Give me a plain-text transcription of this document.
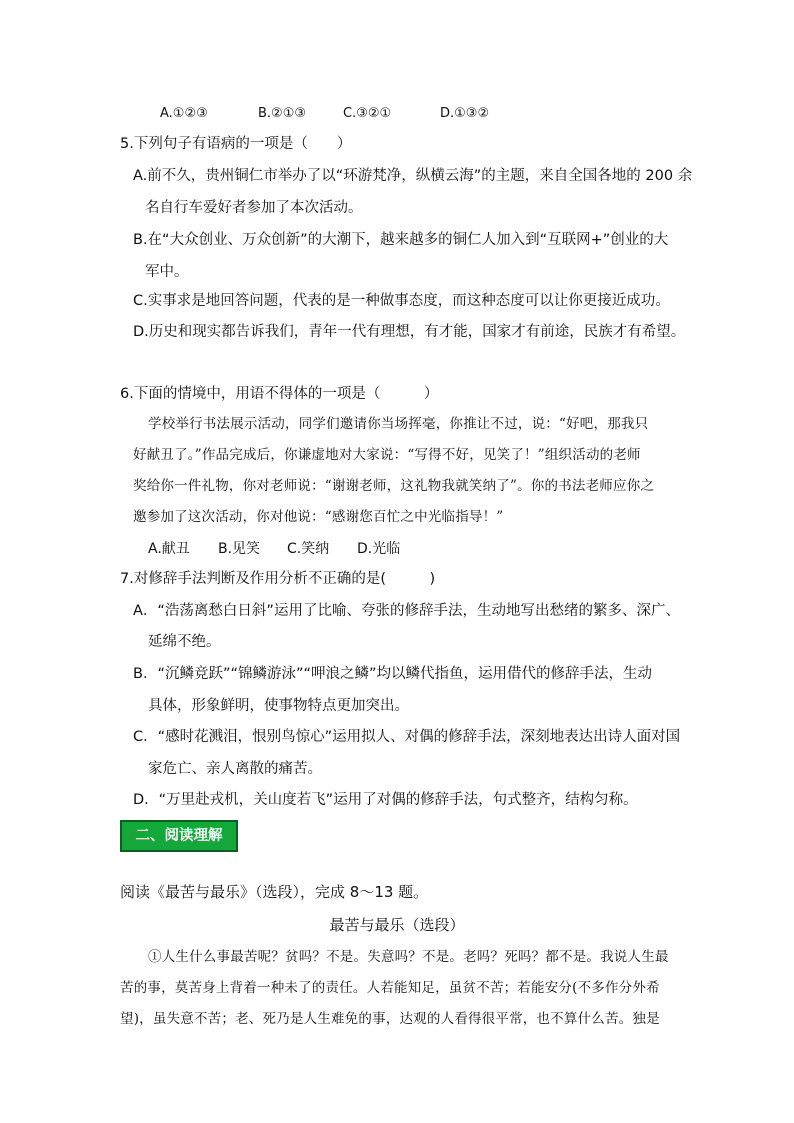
A.①②③	B.②①③	C.③②①	D.①③②
5.下列句子有语病的一项是（　　）
A.前不久，贵州铜仁市举办了以“环游梵净，纵横云海”的主题，来自全国各地的 200 余
名自行车爱好者参加了本次活动。
B.在“大众创业、万众创新”的大潮下，越来越多的铜仁人加入到“互联网+”创业的大
军中。
C.实事求是地回答问题，代表的是一种做事态度，而这种态度可以让你更接近成功。
D.历史和现实都告诉我们，青年一代有理想，有才能，国家才有前途，民族才有希望。
6.下面的情境中，用语不得体的一项是（　　　）
学校举行书法展示活动，同学们邀请你当场挥毫，你推让不过，说：“好吧，那我只
好献丑了。”作品完成后，你谦虚地对大家说：“写得不好，见笑了！”组织活动的老师
奖给你一件礼物，你对老师说：“谢谢老师，这礼物我就笑纳了”。你的书法老师应你之
邀参加了这次活动，你对他说：“感谢您百忙之中光临指导！”
A.献丑 B.见笑 C.笑纳 D.光临
7.对修辞手法判断及作用分析不正确的是(　　　)
A．“浩荡离愁白日斜”运用了比喻、夸张的修辞手法，生动地写出愁绪的繁多、深广、
延绵不绝。
B．“沉鳞竞跃”“锦鳞游泳”“呷浪之鳞”均以鳞代指鱼，运用借代的修辞手法，生动
具体，形象鲜明，使事物特点更加突出。
C．“感时花溅泪，恨别鸟惊心”运用拟人、对偶的修辞手法，深刻地表达出诗人面对国
家危亡、亲人离散的痛苦。
D．“万里赴戎机，关山度若飞”运用了对偶的修辞手法，句式整齐，结构匀称。
二、阅读理解
阅读《最苦与最乐》（选段），完成 8～13 题。
最苦与最乐（选段）
①人生什么事最苦呢？贫吗？不是。失意吗？不是。老吗？死吗？都不是。我说人生最
苦的事，莫苦身上背着一种未了的责任。人若能知足，虽贫不苦；若能安分(不多作分外希
望)，虽失意不苦；老、死乃是人生难免的事，达观的人看得很平常，也不算什么苦。独是
